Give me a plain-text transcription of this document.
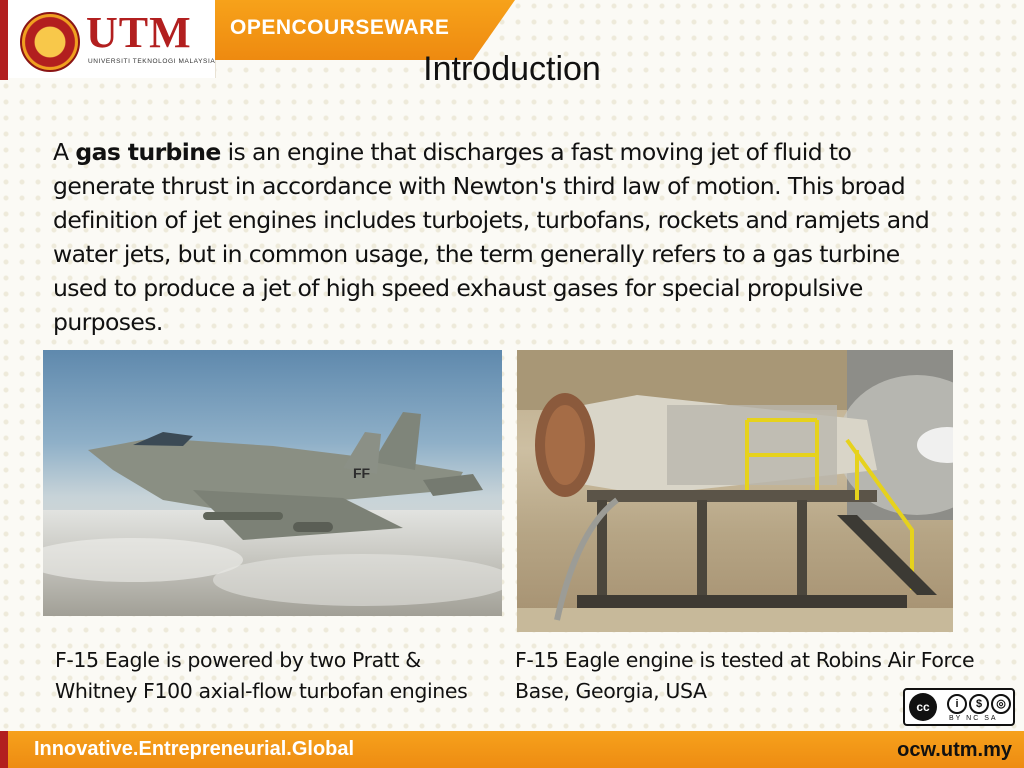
UTM
UNIVERSITI TEKNOLOGI MALAYSIA
OPENCOURSEWARE
Introduction
A gas turbine is an engine that discharges a fast moving jet of fluid to generate thrust in accordance with Newton's third law of motion. This broad definition of jet engines includes turbojets, turbofans, rockets and ramjets and water jets, but in common usage, the term generally refers to a gas turbine used to produce a jet of high speed exhaust gases for special propulsive purposes.
FF
F-15 Eagle is powered by two Pratt & Whitney F100 axial-flow turbofan engines
F-15 Eagle engine is tested at Robins Air Force Base, Georgia, USA
cc	i	$	◎
BY NC SA
Innovative.Entrepreneurial.Global	ocw.utm.my
